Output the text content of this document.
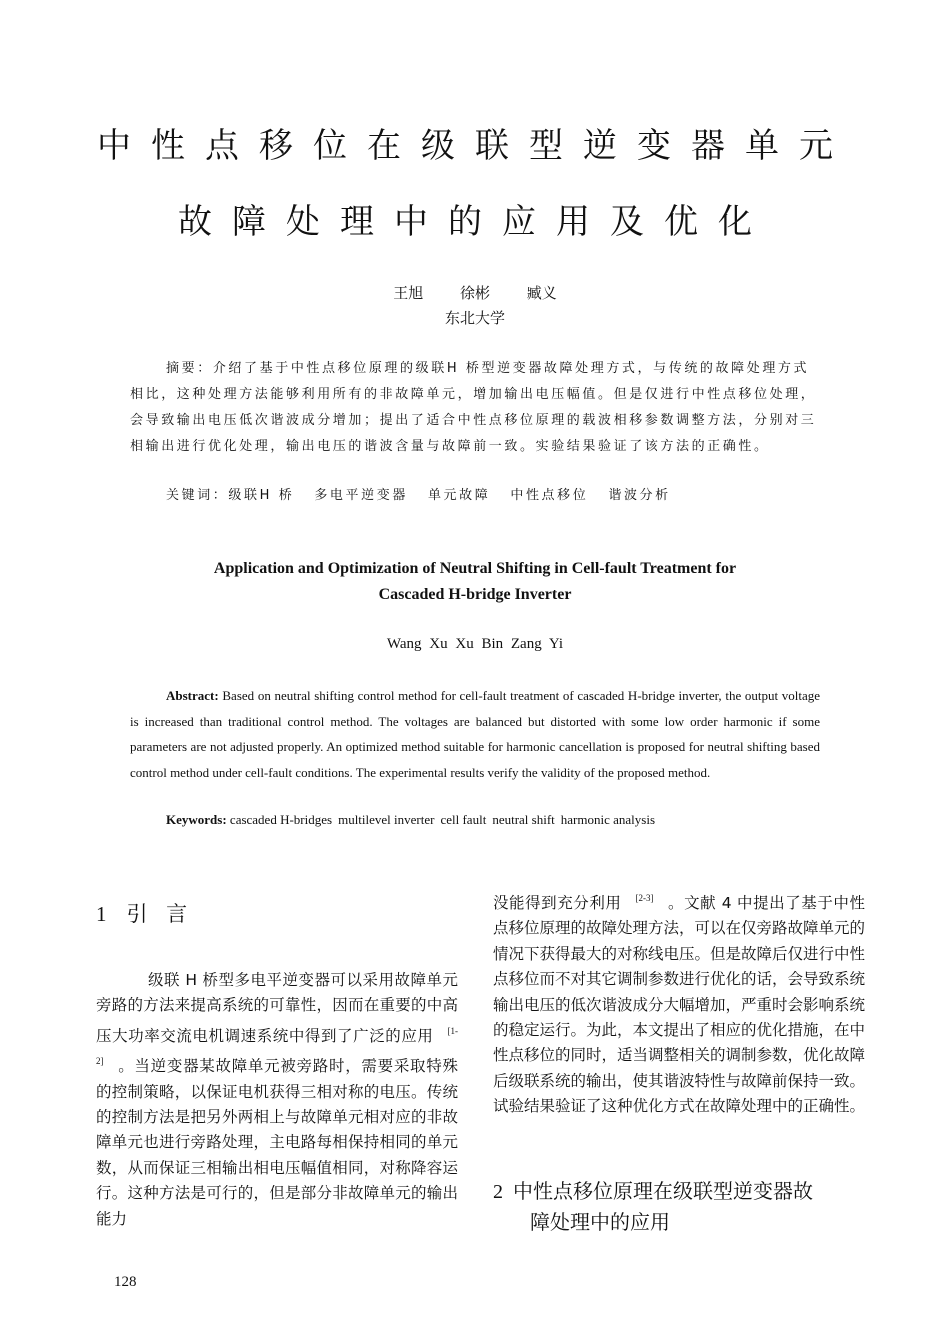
中性点移位在级联型逆变器单元
故障处理中的应用及优化
王旭 徐彬 臧义
东北大学

摘要：介绍了基于中性点移位原理的级联H 桥型逆变器故障处理方式，与传统的故障处理方式相比，这种处理方法能够利用所有的非故障单元，增加输出电压幅值。但是仅进行中性点移位处理，会导致输出电压低次谐波成分增加；提出了适合中性点移位原理的载波相移参数调整方法，分别对三相输出进行优化处理，输出电压的谐波含量与故障前一致。实验结果验证了该方法的正确性。

关键词：级联H 桥 多电平逆变器 单元故障 中性点移位 谐波分析
Application and Optimization of Neutral Shifting in Cell-fault Treatment for
Cascaded H-bridge Inverter
Wang Xu Xu Bin Zang Yi

Abstract: Based on neutral shifting control method for cell-fault treatment of cascaded H-bridge inverter, the output voltage is increased than traditional control method. The voltages are balanced but distorted with some low order harmonic if some parameters are not adjusted properly. An optimized method suitable for harmonic cancellation is proposed for neutral shifting based control method under cell-fault conditions. The experimental results verify the validity of the proposed method.

Keywords: cascaded H-bridges multilevel inverter cell fault neutral shift harmonic analysis
1 引 言

级联 H 桥型多电平逆变器可以采用故障单元旁路的方法来提高系统的可靠性，因而在重要的中高压大功率交流电机调速系统中得到了广泛的应用 [1-2] 。当逆变器某故障单元被旁路时，需要采取特殊的控制策略，以保证电机获得三相对称的电压。传统的控制方法是把另外两相上与故障单元相对应的非故障单元也进行旁路处理，主电路每相保持相同的单元数，从而保证三相输出相电压幅值相同，对称降容运行。这种方法是可行的，但是部分非故障单元的输出能力

没能得到充分利用 [2-3] 。文献 4 中提出了基于中性点移位原理的故障处理方法，可以在仅旁路故障单元的情况下获得最大的对称线电压。但是故障后仅进行中性点移位而不对其它调制参数进行优化的话，会导致系统输出电压的低次谐波成分大幅增加，严重时会影响系统的稳定运行。为此，本文提出了相应的优化措施，在中性点移位的同时，适当调整相关的调制参数，优化故障后级联系统的输出，使其谐波特性与故障前保持一致。试验结果验证了这种优化方式在故障处理中的正确性。

2 中性点移位原理在级联型逆变器故
障处理中的应用
128
